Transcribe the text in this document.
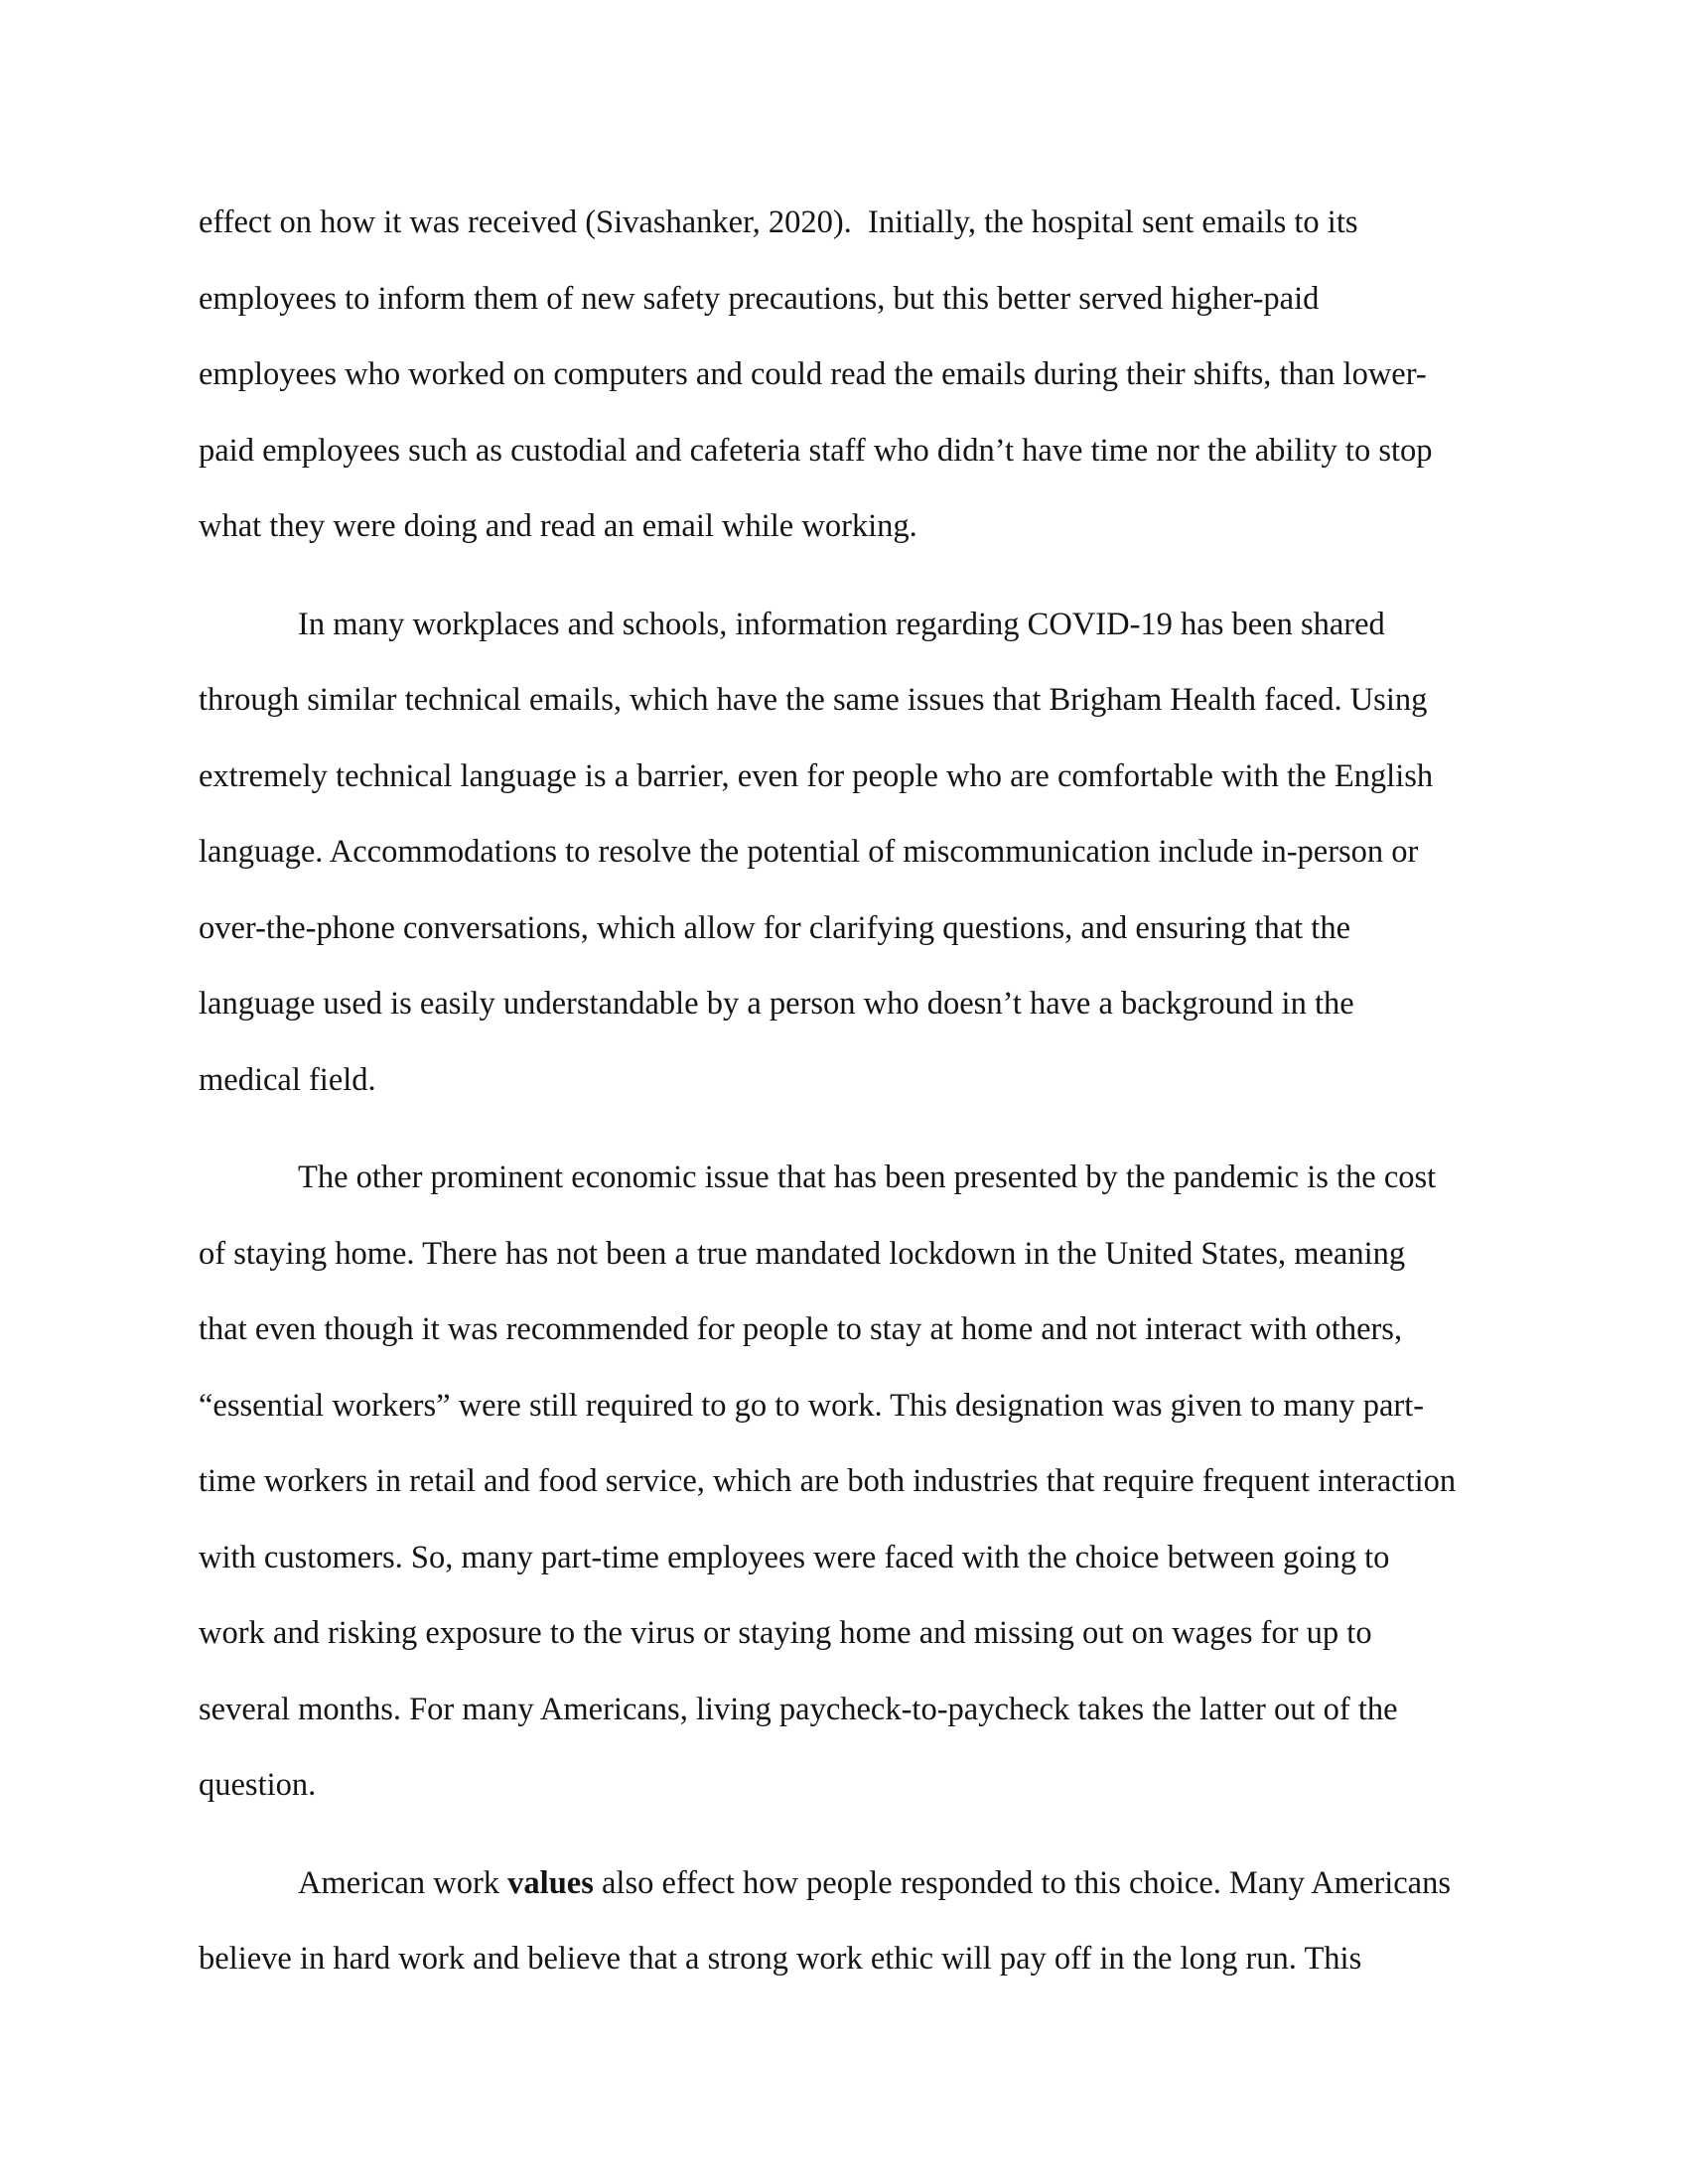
effect on how it was received (Sivashanker, 2020).  Initially, the hospital sent emails to its
employees to inform them of new safety precautions, but this better served higher-paid
employees who worked on computers and could read the emails during their shifts, than lower-
paid employees such as custodial and cafeteria staff who didn’t have time nor the ability to stop
what they were doing and read an email while working.
In many workplaces and schools, information regarding COVID-19 has been shared
through similar technical emails, which have the same issues that Brigham Health faced. Using
extremely technical language is a barrier, even for people who are comfortable with the English
language. Accommodations to resolve the potential of miscommunication include in-person or
over-the-phone conversations, which allow for clarifying questions, and ensuring that the
language used is easily understandable by a person who doesn’t have a background in the
medical field.
The other prominent economic issue that has been presented by the pandemic is the cost
of staying home. There has not been a true mandated lockdown in the United States, meaning
that even though it was recommended for people to stay at home and not interact with others,
“essential workers” were still required to go to work. This designation was given to many part-
time workers in retail and food service, which are both industries that require frequent interaction
with customers. So, many part-time employees were faced with the choice between going to
work and risking exposure to the virus or staying home and missing out on wages for up to
several months. For many Americans, living paycheck-to-paycheck takes the latter out of the
question.
American work values also effect how people responded to this choice. Many Americans
believe in hard work and believe that a strong work ethic will pay off in the long run. This
